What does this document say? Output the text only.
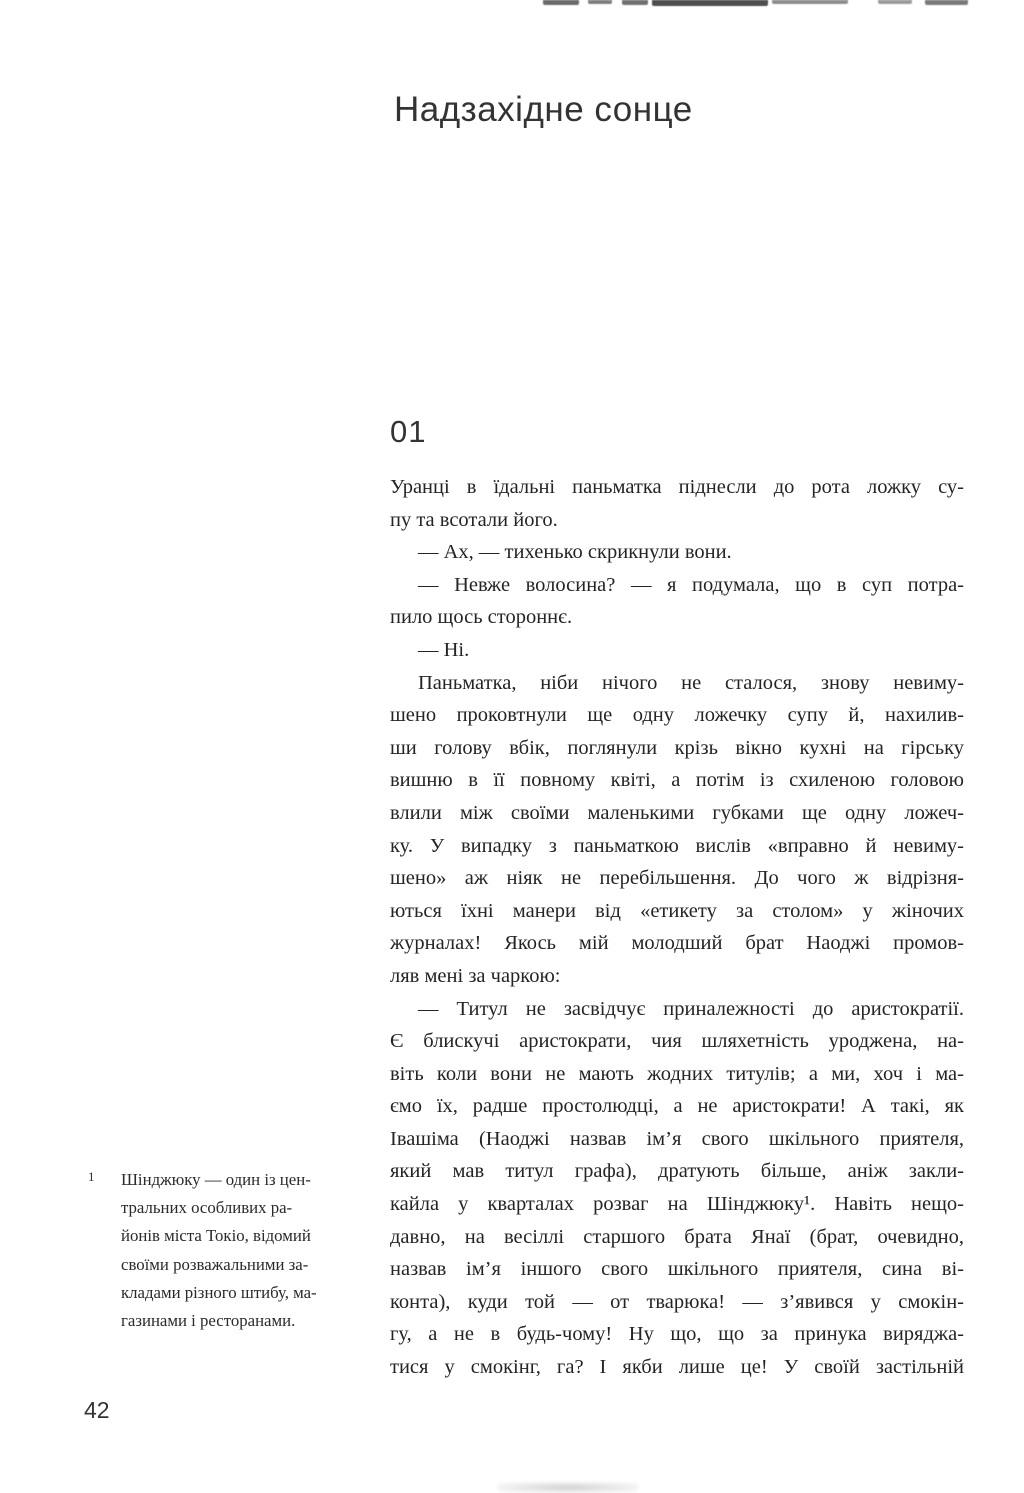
Надзахідне сонце
01
Уранці в їдальні паньматка піднесли до рота ложку су-
пу та всотали його.
— Ах, — тихенько скрикнули вони.
— Невже волосина? — я подумала, що в суп потра-
пило щось стороннє.
— Ні.
Паньматка, ніби нічого не сталося, знову невиму-
шено проковтнули ще одну ложечку супу й, нахилив-
ши голову вбік, поглянули крізь вікно кухні на гірську
вишню в її повному квіті, а потім із схиленою головою
влили між своїми маленькими губками ще одну ложеч-
ку. У випадку з паньматкою вислів «вправно й невиму-
шено» аж ніяк не перебільшення. До чого ж відрізня-
ються їхні манери від «етикету за столом» у жіночих
журналах! Якось мій молодший брат Наоджі промов-
ляв мені за чаркою:
— Титул не засвідчує приналежності до аристократії.
Є блискучі аристократи, чия шляхетність уроджена, на-
віть коли вони не мають жодних титулів; а ми, хоч і ма-
ємо їх, радше простолюдці, а не аристократи! А такі, як
Івашіма (Наоджі назвав ім’я свого шкільного приятеля,
який мав титул графа), дратують більше, аніж закли-
кайла у кварталах розваг на Шінджюку¹. Навіть нещо-
давно, на весіллі старшого брата Янаї (брат, очевидно,
назвав ім’я іншого свого шкільного приятеля, сина ві-
конта), куди той — от тварюка! — з’явився у смокін-
гу, а не в будь-чому! Ну що, що за принука виряджа-
тися у смокінг, га? І якби лише це! У своїй застільній
1 Шінджюку — один із цен-
тральних особливих ра-
йонів міста Токіо, відомий
своїми розважальними за-
кладами різного штибу, ма-
газинами і ресторанами.
42
